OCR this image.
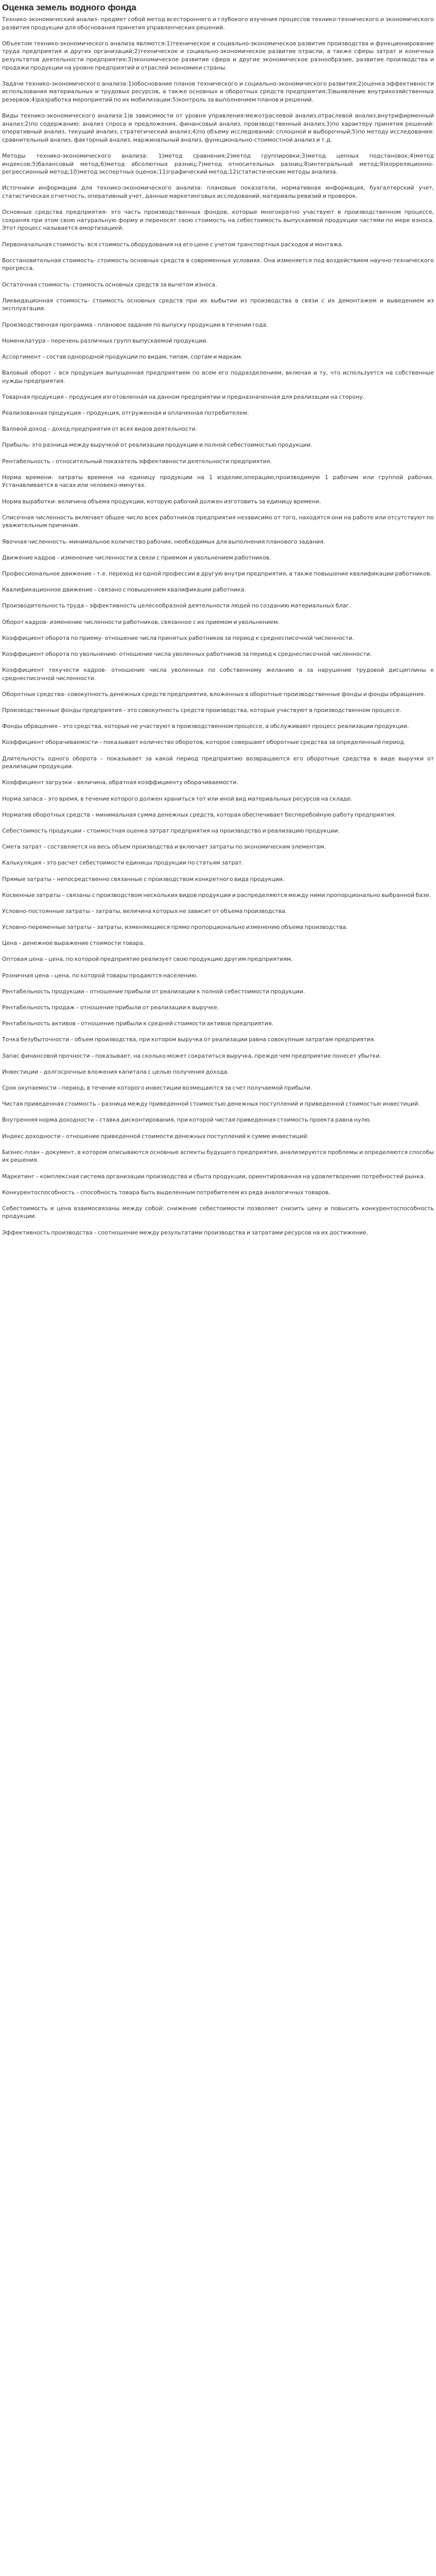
Оценка земель водного фонда

Технико-экономический анализ- предмет собой метод всестороннего и глубокого изучения процессов технико-технического и экономического развития продукции для обоснования принятия управленческих решений.

Объектом технико-экономического анализа являются:1)техническое и социально-экономическое развитие производства и функционирование труда предприятия и других организаций;2)техническое и социально-экономическое развитие отрасли, а также сферы затрат и конечных результатов деятельности предприятия;3)экономическое развитие сфера и другие экономическое разнообразие, развитие производства и продажи продукции на уровне предприятий и отраслей экономики страны.

Задачи технико-экономического анализа:1)обоснование планов технического и социально-экономического развития;2)оценка эффективности использования материальных и трудовых ресурсов, а также основных и оборотных средств предприятия;3)выявление внутрихозяйственных резервов;4)разработка мероприятий по их мобилизации;5)контроль за выполнением планов и решений.

Виды технико-экономического анализа:1)в зависимости от уровня управления:межотраслевой анализ,отраслевой анализ,внутрифирменный анализ;2)по содержанию: анализ спроса и предложения, финансовый анализ, производственный анализ;3)по характеру принятия решений: оперативный анализ, текущий анализ, стратегический анализ;4)по объему исследований: сплошной и выборочный;5)по методу исследования: сравнительный анализ, факторный анализ, маржинальный анализ, функционально-стоимостной анализ и т.д.

Методы технико-экономического анализа: 1)метод сравнения;2)метод группировки;3)метод цепных подстановок;4)метод индексов;5)балансовый метод;6)метод абсолютных разниц;7)метод относительных разниц;8)интегральный метод;9)корреляционно-регрессионный метод;10)метод экспертных оценок;11)графический метод;12)статистические методы анализа.

Источники информации для технико-экономического анализа: плановые показатели, нормативная информация, бухгалтерский учет, статистическая отчетность, оперативный учет, данные маркетинговых исследований, материалы ревизий и проверок.

Основные средства предприятия- это часть производственных фондов, которые многократно участвуют в производственном процессе, сохраняя при этом свою натуральную форму и переносят свою стоимость на себестоимость выпускаемой продукции частями по мере износа. Этот процесс называется амортизацией.

Первоначальная стоимость- вся стоимость оборудования на его цене с учетом транспортных расходов и монтажа.

Восстановительная стоимость- стоимость основных средств в современных условиях. Она изменяется под воздействием научно-технического прогресса.

Остаточная стоимость- стоимость основных средств за вычетом износа.

Ликвидационная стоимость- стоимость основных средств при их выбытии из производства в связи с их демонтажем и выведением из эксплуатации.

Производственная программа – плановое задание по выпуску продукции в течении года.

Номенклатура – перечень различных групп выпускаемой продукции.

Ассортимент – состав однородной продукции по видам, типам, сортам и маркам.

Валовый оборот – вся продукция выпущенная предприятием по всем его подразделениям, включая и ту, что используется на собственные нужды предприятия.

Товарная продукция – продукция изготовленная на данном предприятии и предназначенная для реализации на сторону.

Реализованная продукция – продукция, отгруженная и оплаченная потребителем.

Валовой доход – доход предприятия от всех видов деятельности.

Прибыль- это разница между выручкой от реализации продукции и полной себестоимостью продукции.

Рентабельность – относительный показатель эффективности деятельности предприятия.

Норма времени- затраты времени на единицу продукции на 1 изделие,операцию,производимую 1 рабочим или группой рабочих. Устанавливается в часах или человеко-минутах.

Норма выработки- величина объема продукции, которую рабочий должен изготовить за единицу времени.

Списочная численность включает общее число всех работников предприятия независимо от того, находятся они на работе или отсутствуют по уважительным причинам.

Явочная численность- минимальное количество рабочих, необходимых для выполнения планового задания.

Движение кадров – изменение численности в связи с приемом и увольнением работников.

Профессиональное движение – т.е. переход из одной профессии в другую внутри предприятия, а также повышение квалификации работников.

Квалификационное движение – связано с повышением квалификации работника.

Производительность труда – эффективность целесообразной деятельности людей по созданию материальных благ.

Оборот кадров- изменение численности работников, связанное с их приемом и увольнением.

Коэффициент оборота по приему- отношение числа принятых работников за период к среднесписочной численности.

Коэффициент оборота по увольнению- отношение числа уволенных работников за период к среднесписочной численности.

Коэффициент текучести кадров- отношение числа уволенных по собственному желанию и за нарушение трудовой дисциплины к среднесписочной численности.

Оборотные средства- совокупность денежных средств предприятия, вложенных в оборотные производственные фонды и фонды обращения.

Производственные фонды предприятия – это совокупность средств производства, которые участвуют в производственном процессе.

Фонды обращения – это средства, которые не участвуют в производственном процессе, а обслуживают процесс реализации продукции.

Коэффициент оборачиваемости – показывает количество оборотов, которое совершают оборотные средства за определенный период.

Длительность одного оборота – показывает за какой период предприятию возвращаются его оборотные средства в виде выручки от реализации продукции.

Коэффициент загрузки – величина, обратная коэффициенту оборачиваемости.

Норма запаса – это время, в течение которого должен храниться тот или иной вид материальных ресурсов на складе.

Норматив оборотных средств – минимальная сумма денежных средств, которая обеспечивает бесперебойную работу предприятия.

Себестоимость продукции – стоимостная оценка затрат предприятия на производство и реализацию продукции.

Смета затрат – составляется на весь объем производства и включает затраты по экономическим элементам.

Калькуляция – это расчет себестоимости единицы продукции по статьям затрат.

Прямые затраты – непосредственно связанные с производством конкретного вида продукции.

Косвенные затраты – связаны с производством нескольких видов продукции и распределяются между ними пропорционально выбранной базе.

Условно-постоянные затраты – затраты, величина которых не зависит от объема производства.

Условно-переменные затраты – затраты, изменяющиеся прямо пропорционально изменению объема производства.

Цена – денежное выражение стоимости товара.

Оптовая цена – цена, по которой предприятие реализует свою продукцию другим предприятиям.

Розничная цена – цена, по которой товары продаются населению.

Рентабельность продукции – отношение прибыли от реализации к полной себестоимости продукции.

Рентабельность продаж – отношение прибыли от реализации к выручке.

Рентабельность активов – отношение прибыли к средней стоимости активов предприятия.

Точка безубыточности – объем производства, при котором выручка от реализации равна совокупным затратам предприятия.

Запас финансовой прочности – показывает, на сколько может сократиться выручка, прежде чем предприятие понесет убытки.

Инвестиции – долгосрочные вложения капитала с целью получения дохода.

Срок окупаемости – период, в течение которого инвестиции возмещаются за счет получаемой прибыли.

Чистая приведенная стоимость – разница между приведенной стоимостью денежных поступлений и приведенной стоимостью инвестиций.

Внутренняя норма доходности – ставка дисконтирования, при которой чистая приведенная стоимость проекта равна нулю.

Индекс доходности – отношение приведенной стоимости денежных поступлений к сумме инвестиций.

Бизнес-план – документ, в котором описываются основные аспекты будущего предприятия, анализируются проблемы и определяются способы их решения.

Маркетинг – комплексная система организации производства и сбыта продукции, ориентированная на удовлетворение потребностей рынка.

Конкурентоспособность – способность товара быть выделенным потребителем из ряда аналогичных товаров.

Себестоимость и цена взаимосвязаны между собой: снижение себестоимости позволяет снизить цену и повысить конкурентоспособность продукции.

Эффективность производства – соотношение между результатами производства и затратами ресурсов на их достижение.
